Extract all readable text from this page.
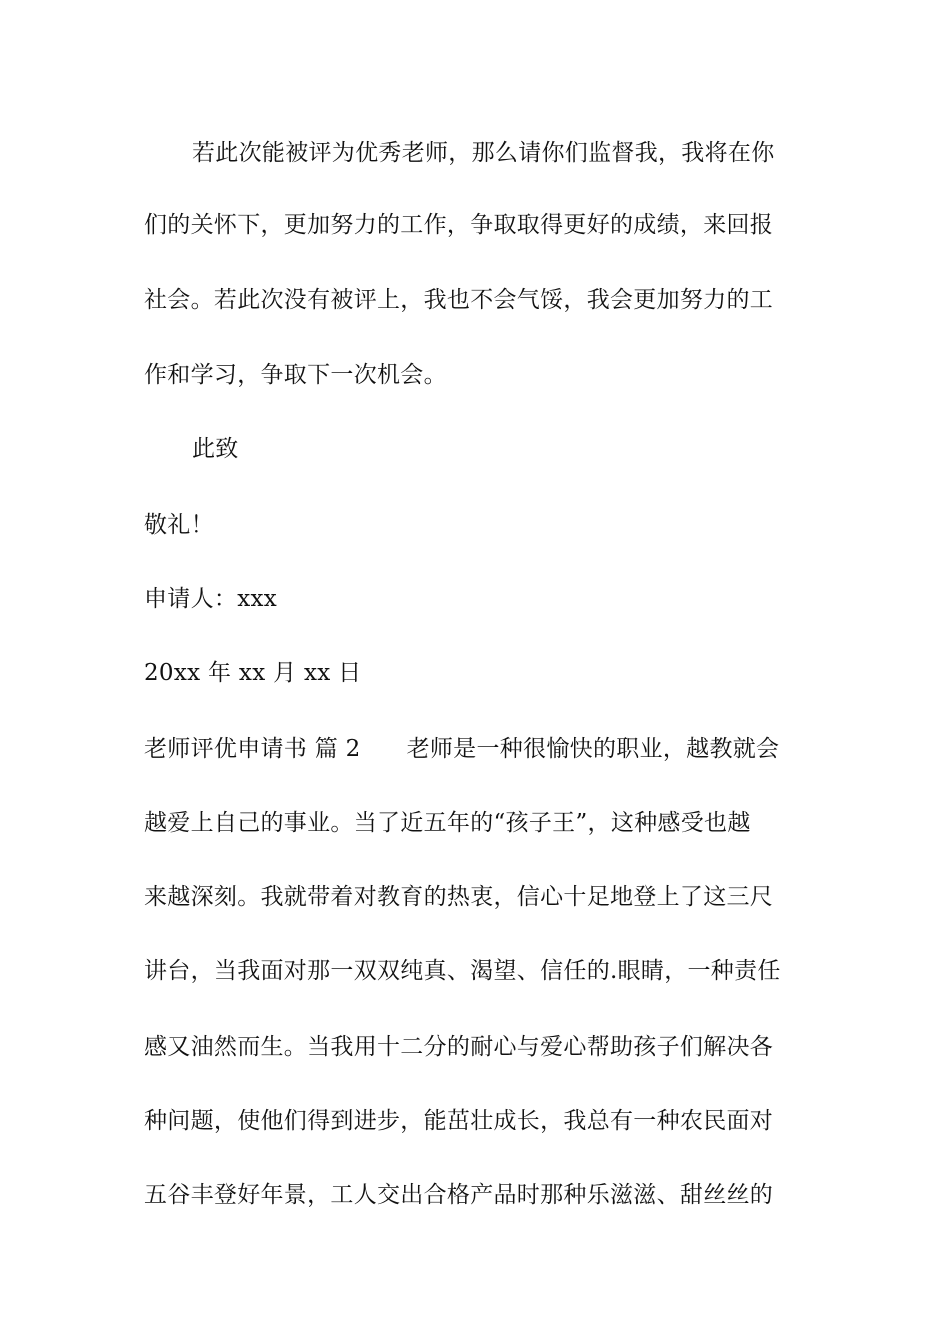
若此次能被评为优秀老师，那么请你们监督我，我将在你
们的关怀下，更加努力的工作，争取取得更好的成绩，来回报
社会。若此次没有被评上，我也不会气馁，我会更加努力的工
作和学习，争取下一次机会。
此致
敬礼！
申请人：xxx
20xx 年 xx 月 xx 日
老师评优申请书 篇 2 老师是一种很愉快的职业，越教就会
越爱上自己的事业。当了近五年的“孩子王”，这种感受也越
来越深刻。我就带着对教育的热衷，信心十足地登上了这三尺
讲台，当我面对那一双双纯真、渴望、信任的.眼睛，一种责任
感又油然而生。当我用十二分的耐心与爱心帮助孩子们解决各
种问题，使他们得到进步，能茁壮成长，我总有一种农民面对
五谷丰登好年景，工人交出合格产品时那种乐滋滋、甜丝丝的
